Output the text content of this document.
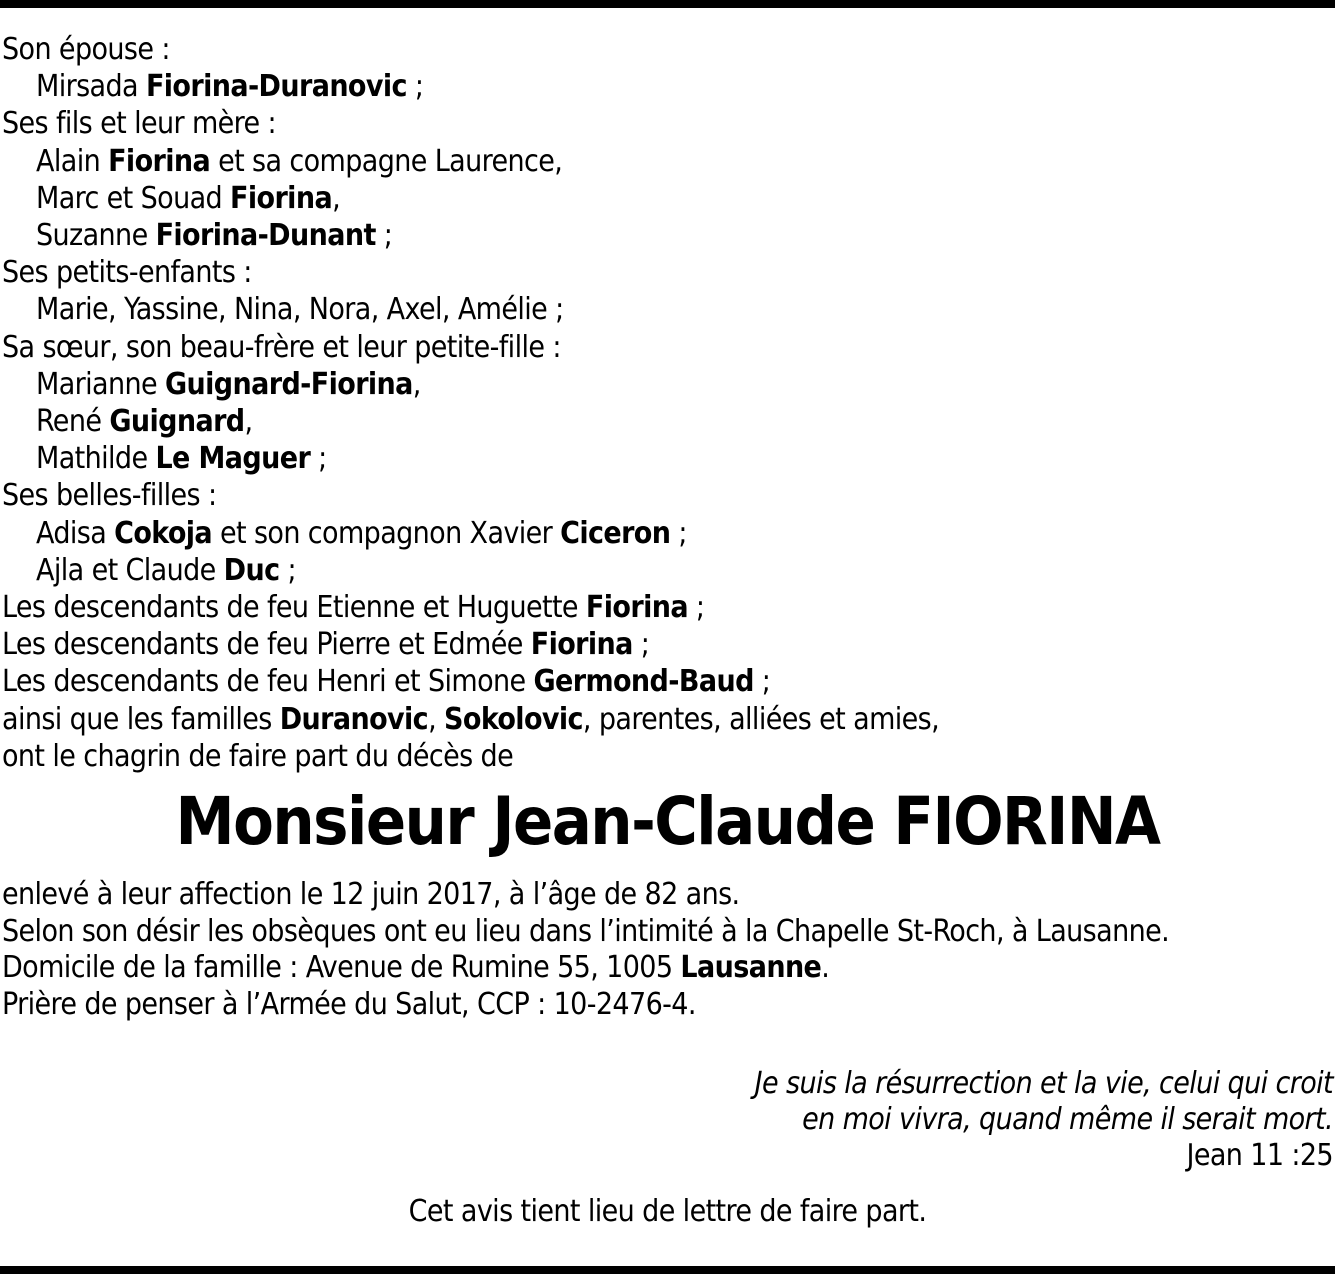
Son épouse :
Mirsada Fiorina-Duranovic ;
Ses fils et leur mère :
Alain Fiorina et sa compagne Laurence,
Marc et Souad Fiorina,
Suzanne Fiorina-Dunant ;
Ses petits-enfants :
Marie, Yassine, Nina, Nora, Axel, Amélie ;
Sa sœur, son beau-frère et leur petite-fille :
Marianne Guignard-Fiorina,
René Guignard,
Mathilde Le Maguer ;
Ses belles-filles :
Adisa Cokoja et son compagnon Xavier Ciceron ;
Ajla et Claude Duc ;
Les descendants de feu Etienne et Huguette Fiorina ;
Les descendants de feu Pierre et Edmée Fiorina ;
Les descendants de feu Henri et Simone Germond-Baud ;
ainsi que les familles Duranovic, Sokolovic, parentes, alliées et amies,
ont le chagrin de faire part du décès de
Monsieur Jean-Claude FIORINA
enlevé à leur affection le 12 juin 2017, à l’âge de 82 ans.
Selon son désir les obsèques ont eu lieu dans l’intimité à la Chapelle St-Roch, à Lausanne.
Domicile de la famille : Avenue de Rumine 55, 1005 Lausanne.
Prière de penser à l’Armée du Salut, CCP : 10-2476-4.
Je suis la résurrection et la vie, celui qui croit
en moi vivra, quand même il serait mort.
Jean 11 :25
Cet avis tient lieu de lettre de faire part.
